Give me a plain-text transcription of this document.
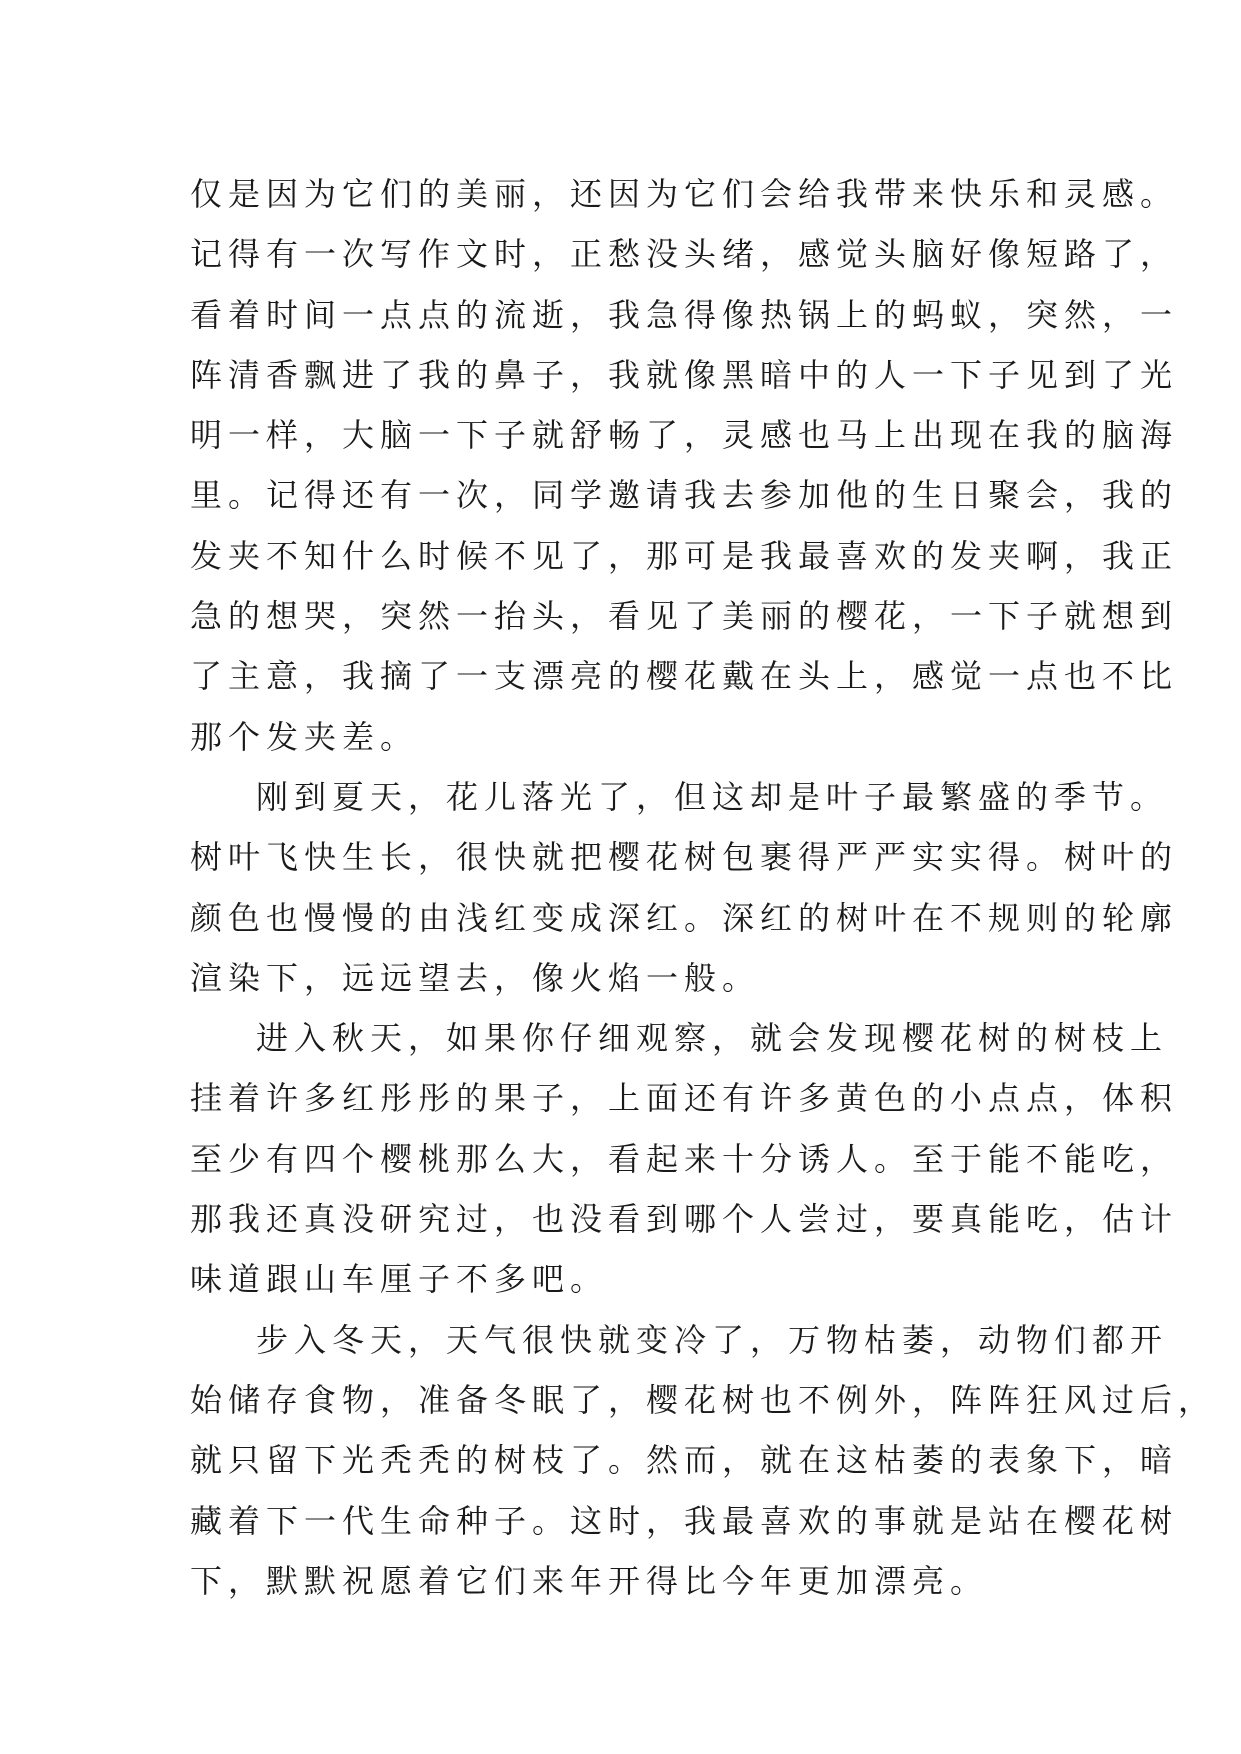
仅是因为它们的美丽，还因为它们会给我带来快乐和灵感。
记得有一次写作文时，正愁没头绪，感觉头脑好像短路了，
看着时间一点点的流逝，我急得像热锅上的蚂蚁，突然，一
阵清香飘进了我的鼻子，我就像黑暗中的人一下子见到了光
明一样，大脑一下子就舒畅了，灵感也马上出现在我的脑海
里。记得还有一次，同学邀请我去参加他的生日聚会，我的
发夹不知什么时候不见了，那可是我最喜欢的发夹啊，我正
急的想哭，突然一抬头，看见了美丽的樱花，一下子就想到
了主意，我摘了一支漂亮的樱花戴在头上，感觉一点也不比
那个发夹差。
刚到夏天，花儿落光了，但这却是叶子最繁盛的季节。
树叶飞快生长，很快就把樱花树包裹得严严实实得。树叶的
颜色也慢慢的由浅红变成深红。深红的树叶在不规则的轮廓
渲染下，远远望去，像火焰一般。
进入秋天，如果你仔细观察，就会发现樱花树的树枝上
挂着许多红彤彤的果子，上面还有许多黄色的小点点，体积
至少有四个樱桃那么大，看起来十分诱人。至于能不能吃，
那我还真没研究过，也没看到哪个人尝过，要真能吃，估计
味道跟山车厘子不多吧。
步入冬天，天气很快就变冷了，万物枯萎，动物们都开
始储存食物，准备冬眠了，樱花树也不例外，阵阵狂风过后，
就只留下光秃秃的树枝了。然而，就在这枯萎的表象下，暗
藏着下一代生命种子。这时，我最喜欢的事就是站在樱花树
下，默默祝愿着它们来年开得比今年更加漂亮。
